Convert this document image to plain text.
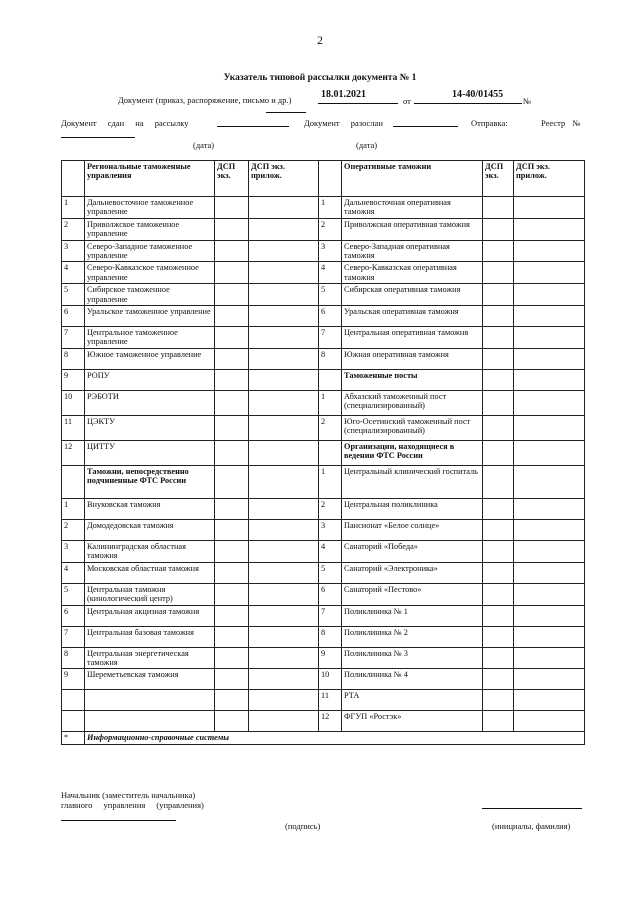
2
Указатель типовой рассылки документа № 1
Документ (приказ, распоряжение, письмо и др.)	18.01.2021
от
14-40/01455
№
Документ сдан на рассылку	Документ разослан	Отправка:	Реестр №
(дата)	(дата)
	Региональные таможенные управления	ДСП экз.	ДСП экз. прилож.		Оперативные таможни	ДСП экз.	ДСП экз. прилож.
1	Дальневосточное таможенное управление			1	Дальневосточная оперативная таможня		
2	Приволжское таможенное управление			2	Приволжская оперативная таможня		
3	Северо-Западное таможенное управление			3	Северо-Западная оперативная таможня		
4	Северо-Кавказское таможенное управление			4	Северо-Кавказская оперативная таможня		
5	Сибирское таможенное управление			5	Сибирская оперативная таможня		
6	Уральское таможенное управление			6	Уральская оперативная таможня		
7	Центральное таможенное управление			7	Центральная оперативная таможня		
8	Южное таможенное управление			8	Южная оперативная таможня		
9	РОПУ				Таможенные посты		
10	РЭБОТИ			1	Абхазский таможенный пост (специализированный)		
11	ЦЭКТУ			2	Юго-Осетинский таможенный пост (специализированный)		
12	ЦИТТУ				Организации, находящиеся в ведении ФТС России		
	Таможни, непосредственно подчиненные ФТС России			1	Центральный клинический госпиталь		
1	Внуковская таможня			2	Центральная поликлиника		
2	Домодедовская таможня			3	Пансионат «Белое солнце»		
3	Калининградская областная таможня			4	Санаторий «Победа»		
4	Московская областная таможня			5	Санаторий «Электроника»		
5	Центральная таможня (кинологический центр)			6	Санаторий «Пестово»		
6	Центральная акцизная таможня			7	Поликлиника № 1		
7	Центральная базовая таможня			8	Поликлиника № 2		
8	Центральная энергетическая таможня			9	Поликлиника № 3		
9	Шереметьевская таможня			10	Поликлиника № 4		
				11	РТА		
				12	ФГУП «Ростэк»		
*	Информационно-справочные системы						
Начальник (заместитель начальника)
главного управления (управления)
(подпись)	(инициалы, фамилия)
